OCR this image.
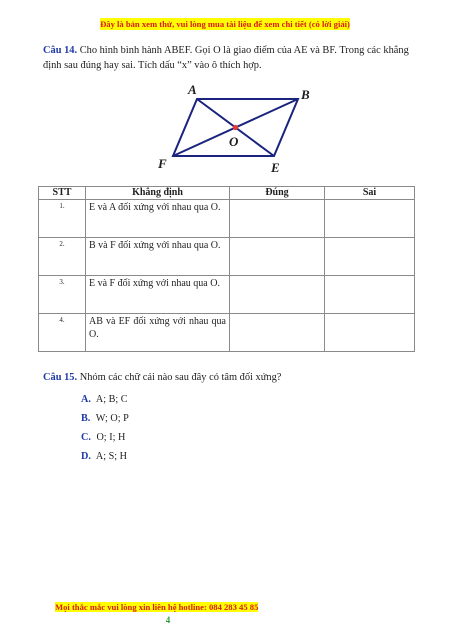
Đây là bản xem thử, vui lòng mua tài liệu để xem chi tiết (có lời giải)
Câu 14. Cho hình bình hành ABEF. Gọi O là giao điểm của AE và BF. Trong các khẳng định sau đúng hay sai. Tích dấu “x” vào ô thích hợp.
A	B
O
F	E
STT	Khẳng định	Đúng	Sai
1.	E và A đối xứng với nhau qua O.		
2.	B và F đối xứng với nhau qua O.		
3.	E và F đối xứng với nhau qua O.		
4.	AB và EF đối xứng với nhau qua O.		
Câu 15. Nhóm các chữ cái nào sau đây có tâm đối xứng?
A. A; B; C
B. W; O; P
C. O; I; H
D. A; S; H
Mọi thắc mắc vui lòng xin liên hệ hotline: 084 283 45 85
4
